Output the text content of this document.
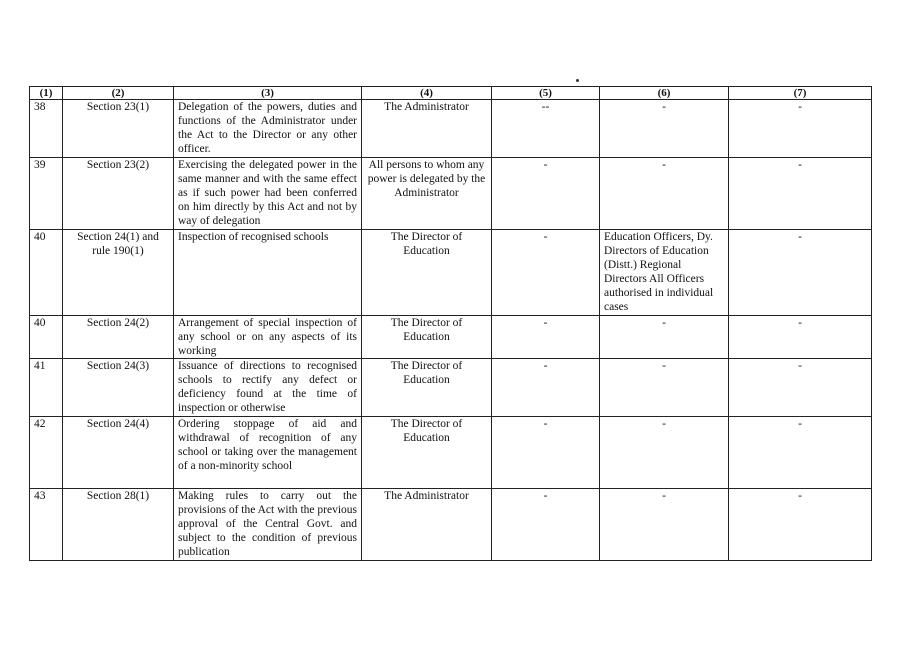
(1)	(2)	(3)	(4)	(5)	(6)	(7)
38	Section 23(1)	Delegation of the powers, duties and functions of the Administrator under the Act to the Director or any other officer.	The Administrator	--	-	-
39	Section 23(2)	Exercising the delegated power in the same manner and with the same effect as if such power had been conferred on him directly by this Act and not by way of delegation	All persons to whom any power is delegated by the Administrator	-	-	-
40	Section 24(1) and rule 190(1)	Inspection of recognised schools	The Director of Education	-	Education Officers, Dy. Directors of Education (Distt.) Regional Directors All Officers authorised in individual cases	-
40	Section 24(2)	Arrangement of special inspection of any school or on any aspects of its working	The Director of Education	-	-	-
41	Section 24(3)	Issuance of directions to recognised schools to rectify any defect or deficiency found at the time of inspection or otherwise	The Director of Education	-	-	-
42	Section 24(4)	Ordering stoppage of aid and withdrawal of recognition of any school or taking over the management of a non-minority school	The Director of Education	-	-	-
43	Section 28(1)	Making rules to carry out the provisions of the Act with the previous approval of the Central Govt. and subject to the condition of previous publication	The Administrator	-	-	-
